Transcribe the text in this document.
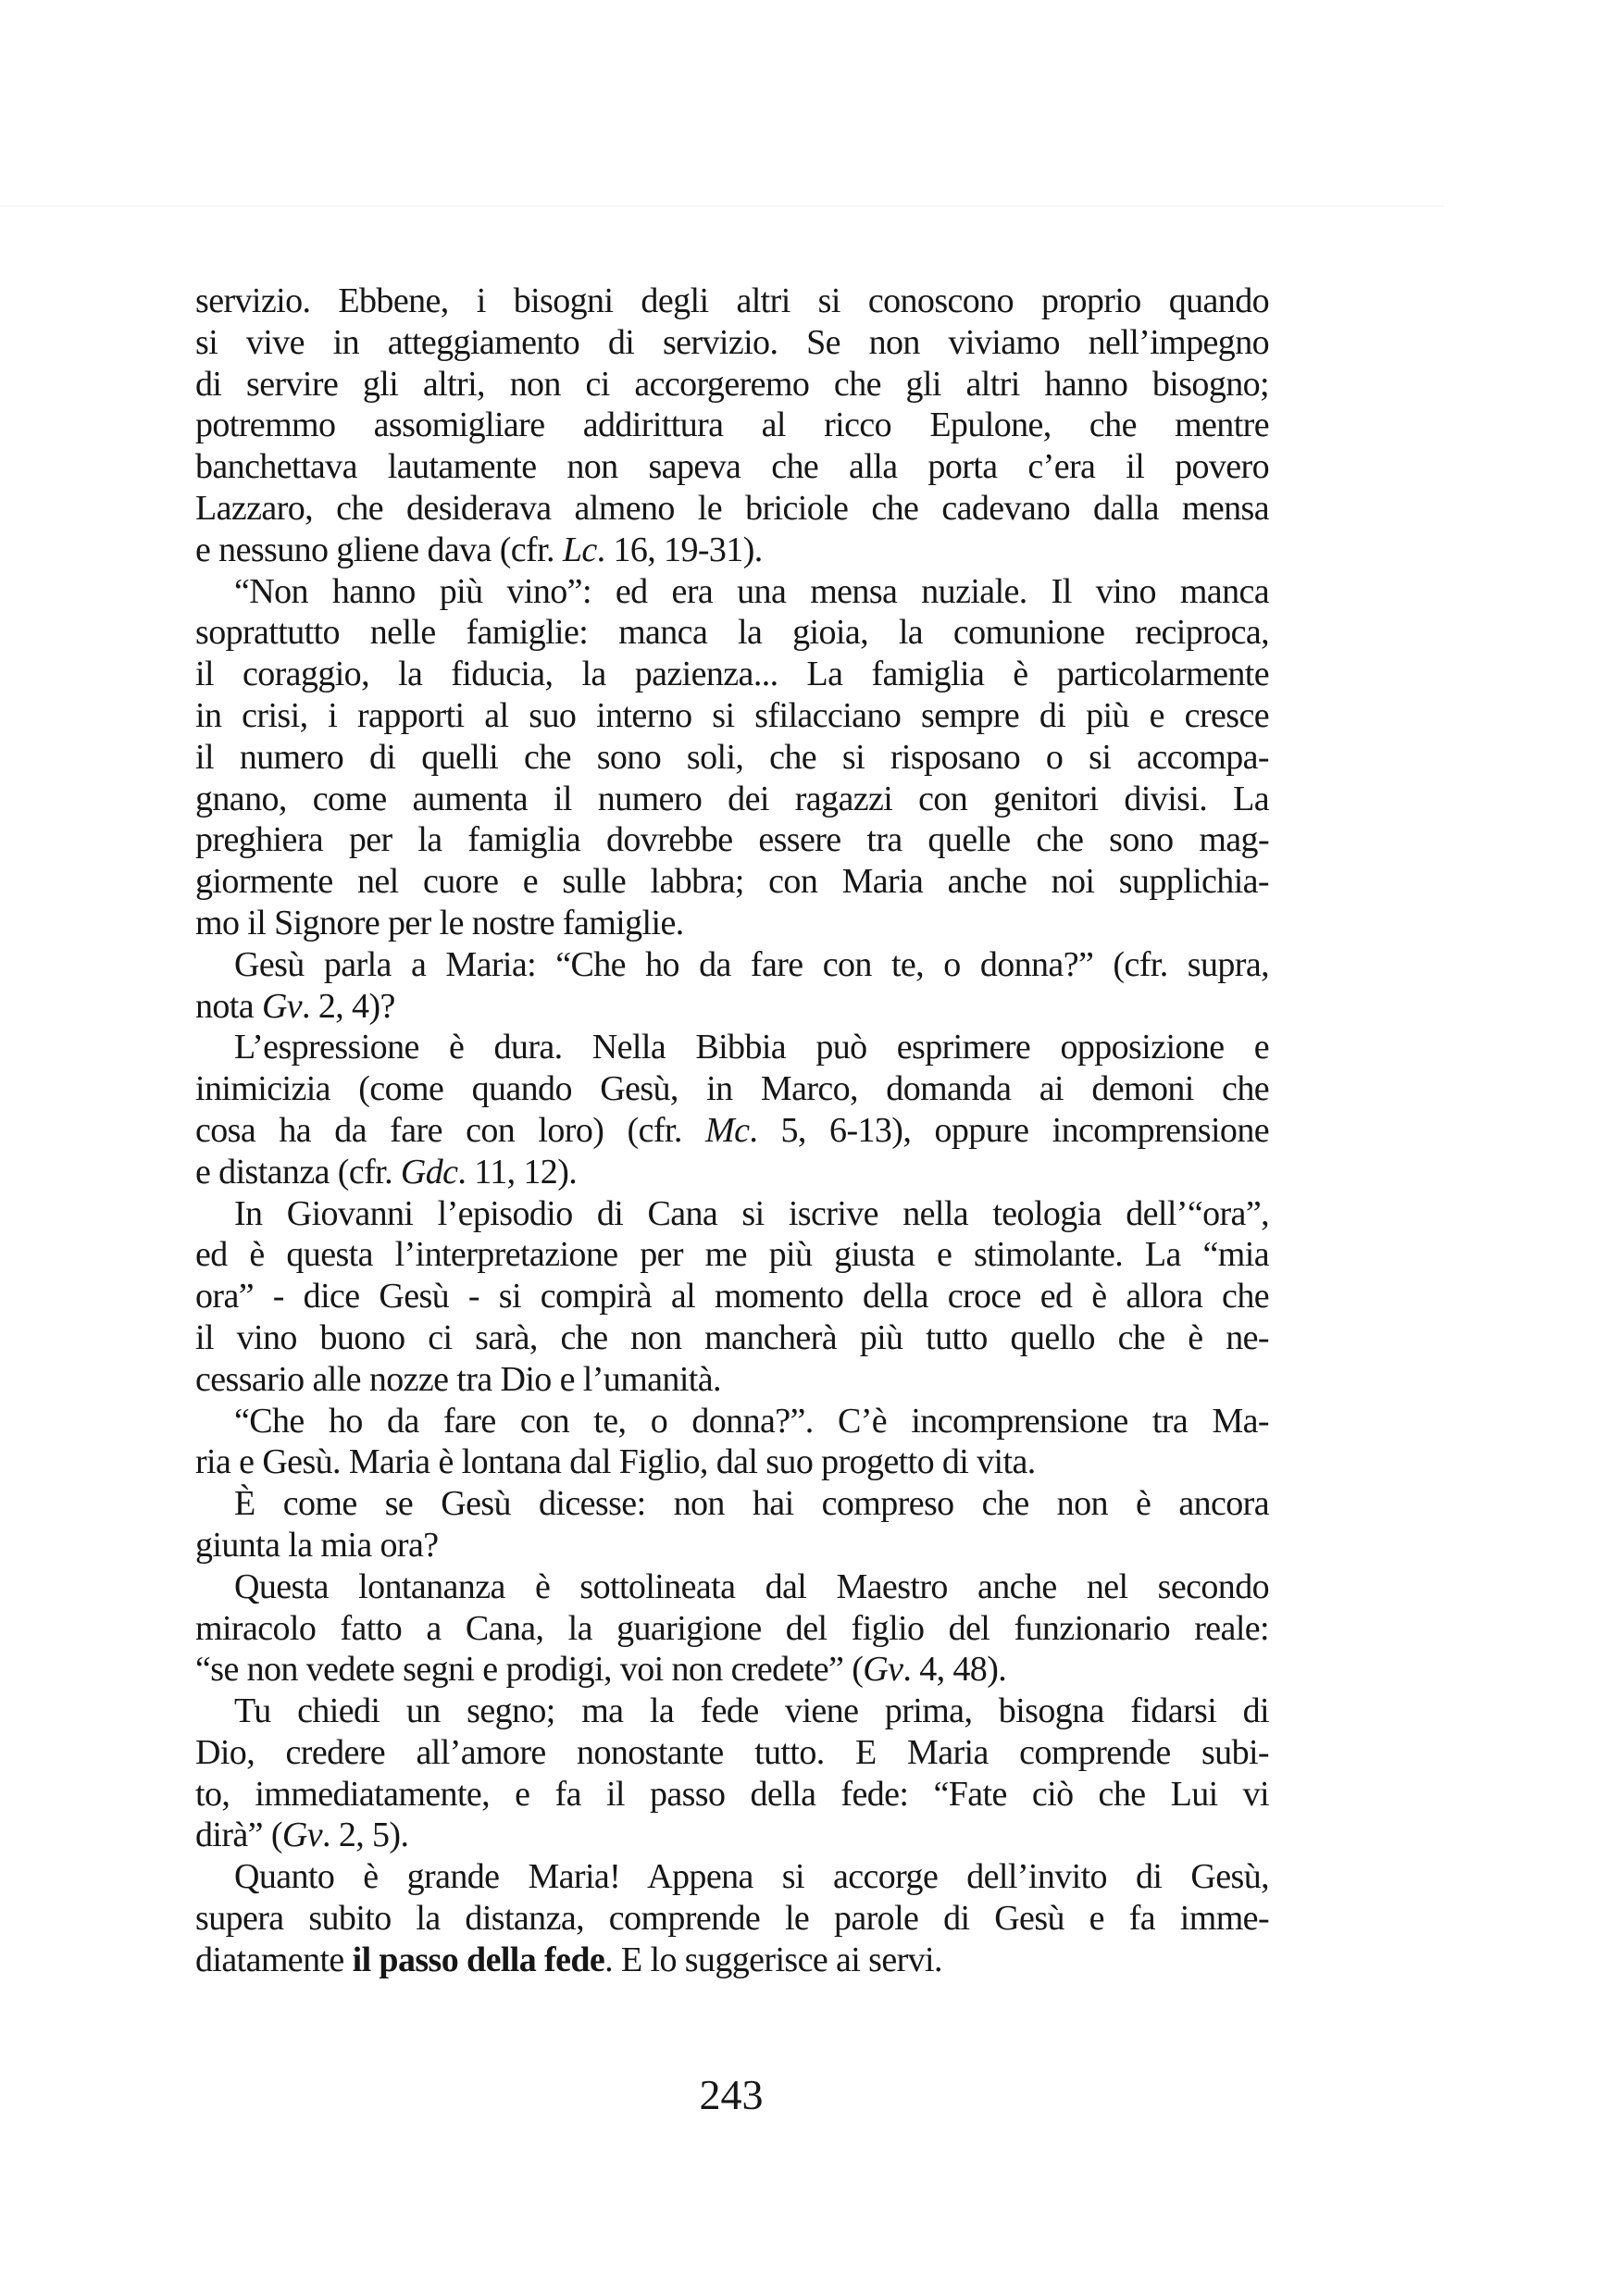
servizio. Ebbene, i bisogni degli altri si conoscono proprio quando
si vive in atteggiamento di servizio. Se non viviamo nell’impegno
di servire gli altri, non ci accorgeremo che gli altri hanno bisogno;
potremmo assomigliare addirittura al ricco Epulone, che mentre
banchettava lautamente non sapeva che alla porta c’era il povero
Lazzaro, che desiderava almeno le briciole che cadevano dalla mensa
e nessuno gliene dava (cfr. Lc. 16, 19-31).
“Non hanno più vino”: ed era una mensa nuziale. Il vino manca
soprattutto nelle famiglie: manca la gioia, la comunione reciproca,
il coraggio, la fiducia, la pazienza... La famiglia è particolarmente
in crisi, i rapporti al suo interno si sfilacciano sempre di più e cresce
il numero di quelli che sono soli, che si risposano o si accompa-
gnano, come aumenta il numero dei ragazzi con genitori divisi. La
preghiera per la famiglia dovrebbe essere tra quelle che sono mag-
giormente nel cuore e sulle labbra; con Maria anche noi supplichia-
mo il Signore per le nostre famiglie.
Gesù parla a Maria: “Che ho da fare con te, o donna?” (cfr. supra,
nota Gv. 2, 4)?
L’espressione è dura. Nella Bibbia può esprimere opposizione e
inimicizia (come quando Gesù, in Marco, domanda ai demoni che
cosa ha da fare con loro) (cfr. Mc. 5, 6-13), oppure incomprensione
e distanza (cfr. Gdc. 11, 12).
In Giovanni l’episodio di Cana si iscrive nella teologia dell’“ora”,
ed è questa l’interpretazione per me più giusta e stimolante. La “mia
ora” - dice Gesù - si compirà al momento della croce ed è allora che
il vino buono ci sarà, che non mancherà più tutto quello che è ne-
cessario alle nozze tra Dio e l’umanità.
“Che ho da fare con te, o donna?”. C’è incomprensione tra Ma-
ria e Gesù. Maria è lontana dal Figlio, dal suo progetto di vita.
È come se Gesù dicesse: non hai compreso che non è ancora
giunta la mia ora?
Questa lontananza è sottolineata dal Maestro anche nel secondo
miracolo fatto a Cana, la guarigione del figlio del funzionario reale:
“se non vedete segni e prodigi, voi non credete” (Gv. 4, 48).
Tu chiedi un segno; ma la fede viene prima, bisogna fidarsi di
Dio, credere all’amore nonostante tutto. E Maria comprende subi-
to, immediatamente, e fa il passo della fede: “Fate ciò che Lui vi
dirà” (Gv. 2, 5).
Quanto è grande Maria! Appena si accorge dell’invito di Gesù,
supera subito la distanza, comprende le parole di Gesù e fa imme-
diatamente il passo della fede. E lo suggerisce ai servi.
243
